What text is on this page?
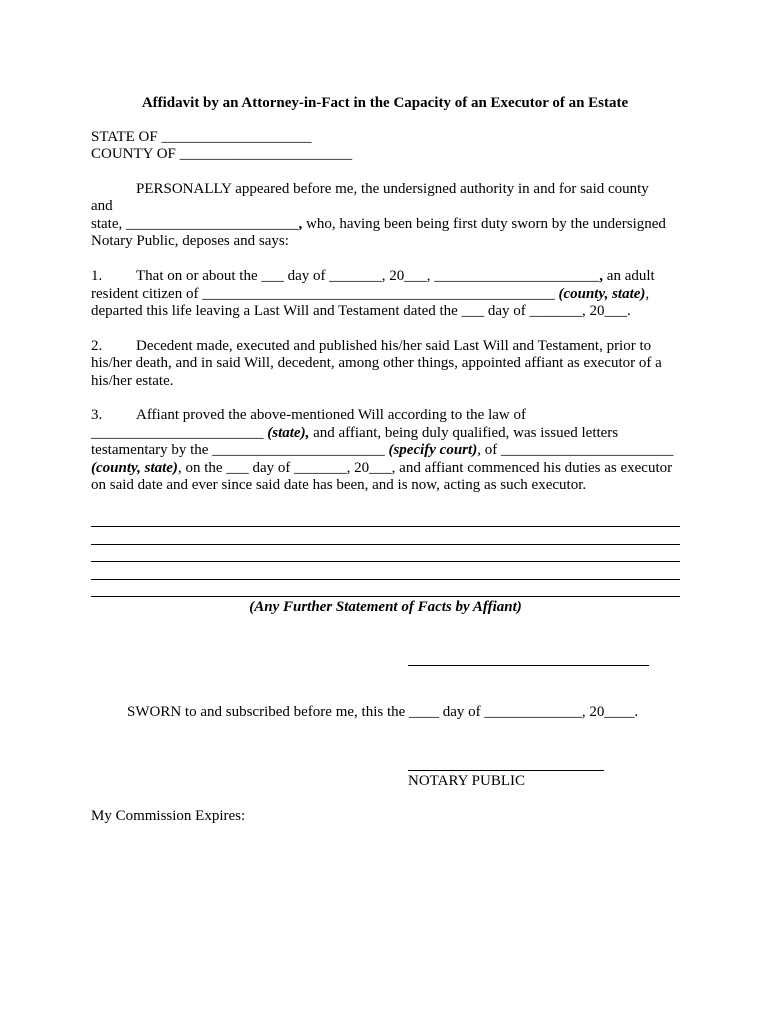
Affidavit by an Attorney-in-Fact in the Capacity of an Executor of an Estate
STATE OF ____________________
COUNTY OF _______________________
PERSONALLY appeared before me, the undersigned authority in and for said county
and
state, _______________________, who, having been being first duty sworn by the undersigned
Notary Public, deposes and says:
1. That on or about the ___ day of _______, 20___, ______________________, an adult
resident citizen of _______________________________________________ (county, state),
departed this life leaving a Last Will and Testament dated the ___ day of _______, 20___.
2. Decedent made, executed and published his/her said Last Will and Testament, prior to
his/her death, and in said Will, decedent, among other things, appointed affiant as executor of a
his/her estate.
3. Affiant proved the above-mentioned Will according to the law of
_______________________ (state), and affiant, being duly qualified, was issued letters
testamentary by the _______________________ (specify court), of _______________________
(county, state), on the ___ day of _______, 20___, and affiant commenced his duties as executor
on said date and ever since said date has been, and is now, acting as such executor.
(Any Further Statement of Facts by Affiant)
SWORN to and subscribed before me, this the ____ day of _____________, 20____.
NOTARY PUBLIC
My Commission Expires:
